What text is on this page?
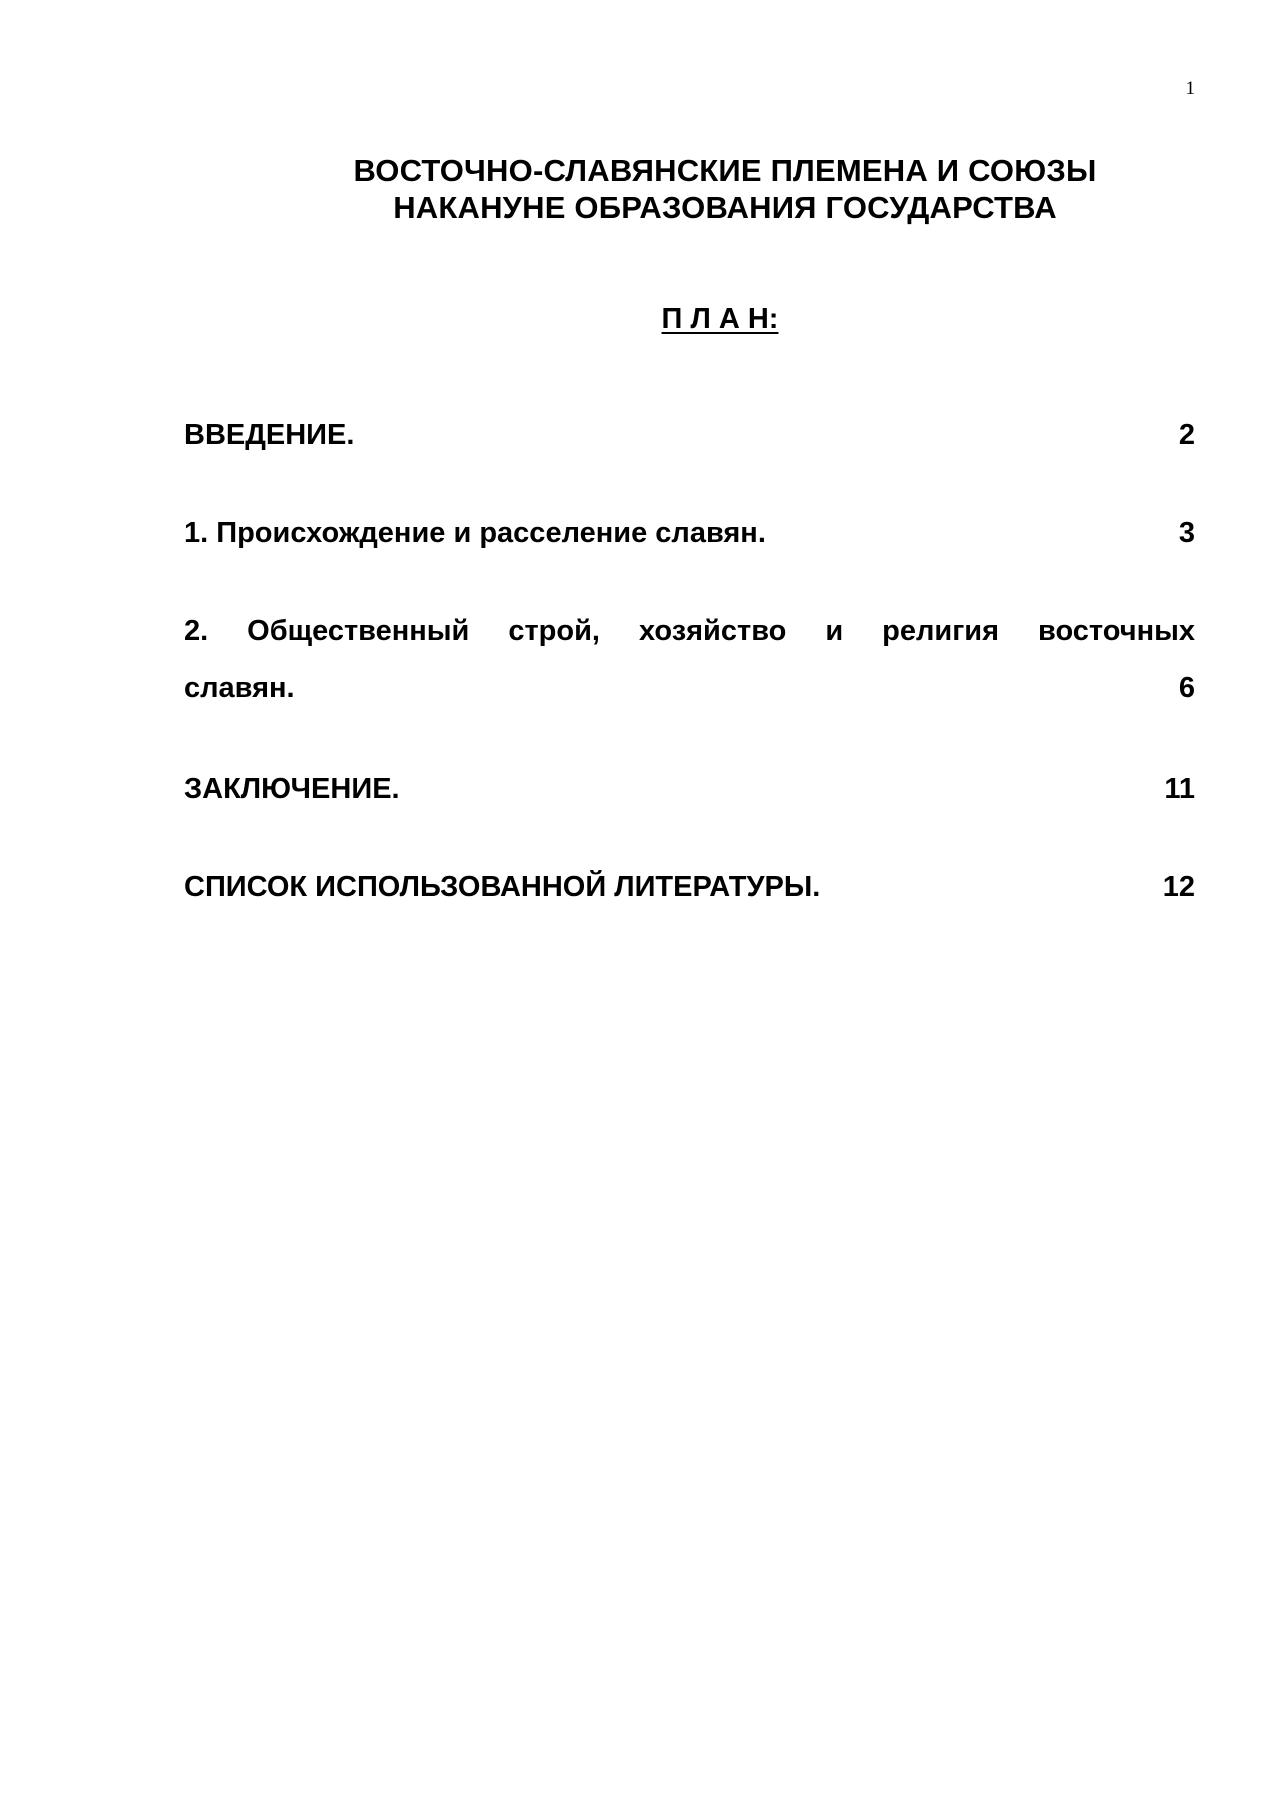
1
ВОСТОЧНО-СЛАВЯНСКИЕ ПЛЕМЕНА И СОЮЗЫ
НАКАНУНЕ ОБРАЗОВАНИЯ ГОСУДАРСТВА
П Л А Н:
ВВЕДЕНИЕ.	2
1. Происхождение и расселение славян.	3
2. Общественный строй, хозяйство и религия восточных
славян.	6
ЗАКЛЮЧЕНИЕ.	11
СПИСОК ИСПОЛЬЗОВАННОЙ ЛИТЕРАТУРЫ.	12
